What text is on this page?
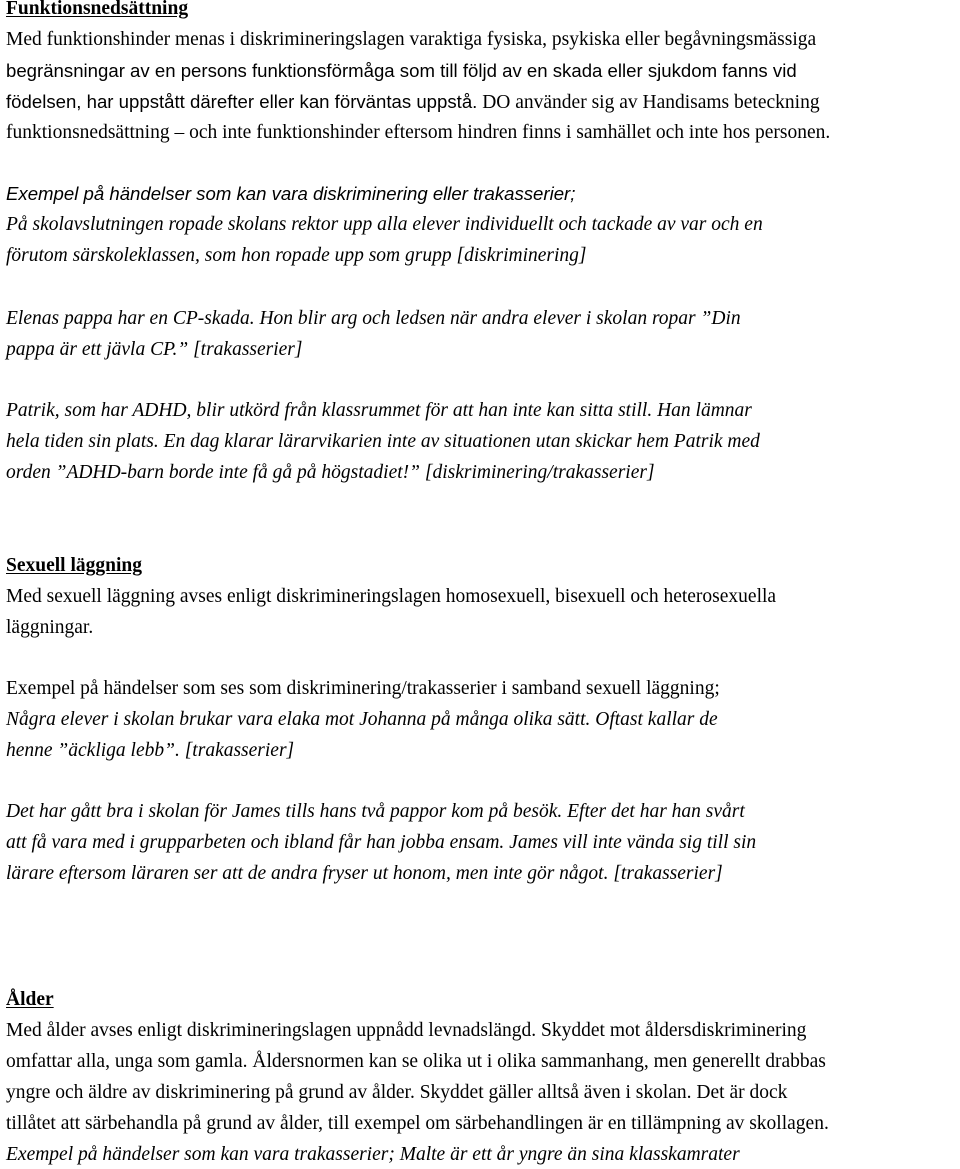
Funktionsnedsättning
Med funktionshinder menas i diskrimineringslagen varaktiga fysiska, psykiska eller begåvningsmässiga
begränsningar av en persons funktionsförmåga som till följd av en skada eller sjukdom fanns vid
födelsen, har uppstått därefter eller kan förväntas uppstå. DO använder sig av Handisams beteckning
funktionsnedsättning – och inte funktionshinder eftersom hindren finns i samhället och inte hos personen.
Exempel på händelser som kan vara diskriminering eller trakasserier;
På skolavslutningen ropade skolans rektor upp alla elever individuellt och tackade av var och en
förutom särskoleklassen, som hon ropade upp som grupp [diskriminering]
Elenas pappa har en CP-skada. Hon blir arg och ledsen när andra elever i skolan ropar ”Din
pappa är ett jävla CP.” [trakasserier]
Patrik, som har ADHD, blir utkörd från klassrummet för att han inte kan sitta still. Han lämnar
hela tiden sin plats. En dag klarar lärarvikarien inte av situationen utan skickar hem Patrik med
orden ”ADHD-barn borde inte få gå på högstadiet!” [diskriminering/trakasserier]
Sexuell läggning
Med sexuell läggning avses enligt diskrimineringslagen homosexuell, bisexuell och heterosexuella
läggningar.
Exempel på händelser som ses som diskriminering/trakasserier i samband sexuell läggning;
Några elever i skolan brukar vara elaka mot Johanna på många olika sätt. Oftast kallar de
henne ”äckliga lebb”. [trakasserier]
Det har gått bra i skolan för James tills hans två pappor kom på besök. Efter det har han svårt
att få vara med i grupparbeten och ibland får han jobba ensam. James vill inte vända sig till sin
lärare eftersom läraren ser att de andra fryser ut honom, men inte gör något. [trakasserier]
Ålder
Med ålder avses enligt diskrimineringslagen uppnådd levnadslängd. Skyddet mot åldersdiskriminering
omfattar alla, unga som gamla. Åldersnormen kan se olika ut i olika sammanhang, men generellt drabbas
yngre och äldre av diskriminering på grund av ålder. Skyddet gäller alltså även i skolan. Det är dock
tillåtet att särbehandla på grund av ålder, till exempel om särbehandlingen är en tillämpning av skollagen.
Exempel på händelser som kan vara trakasserier; Malte är ett år yngre än sina klasskamrater
